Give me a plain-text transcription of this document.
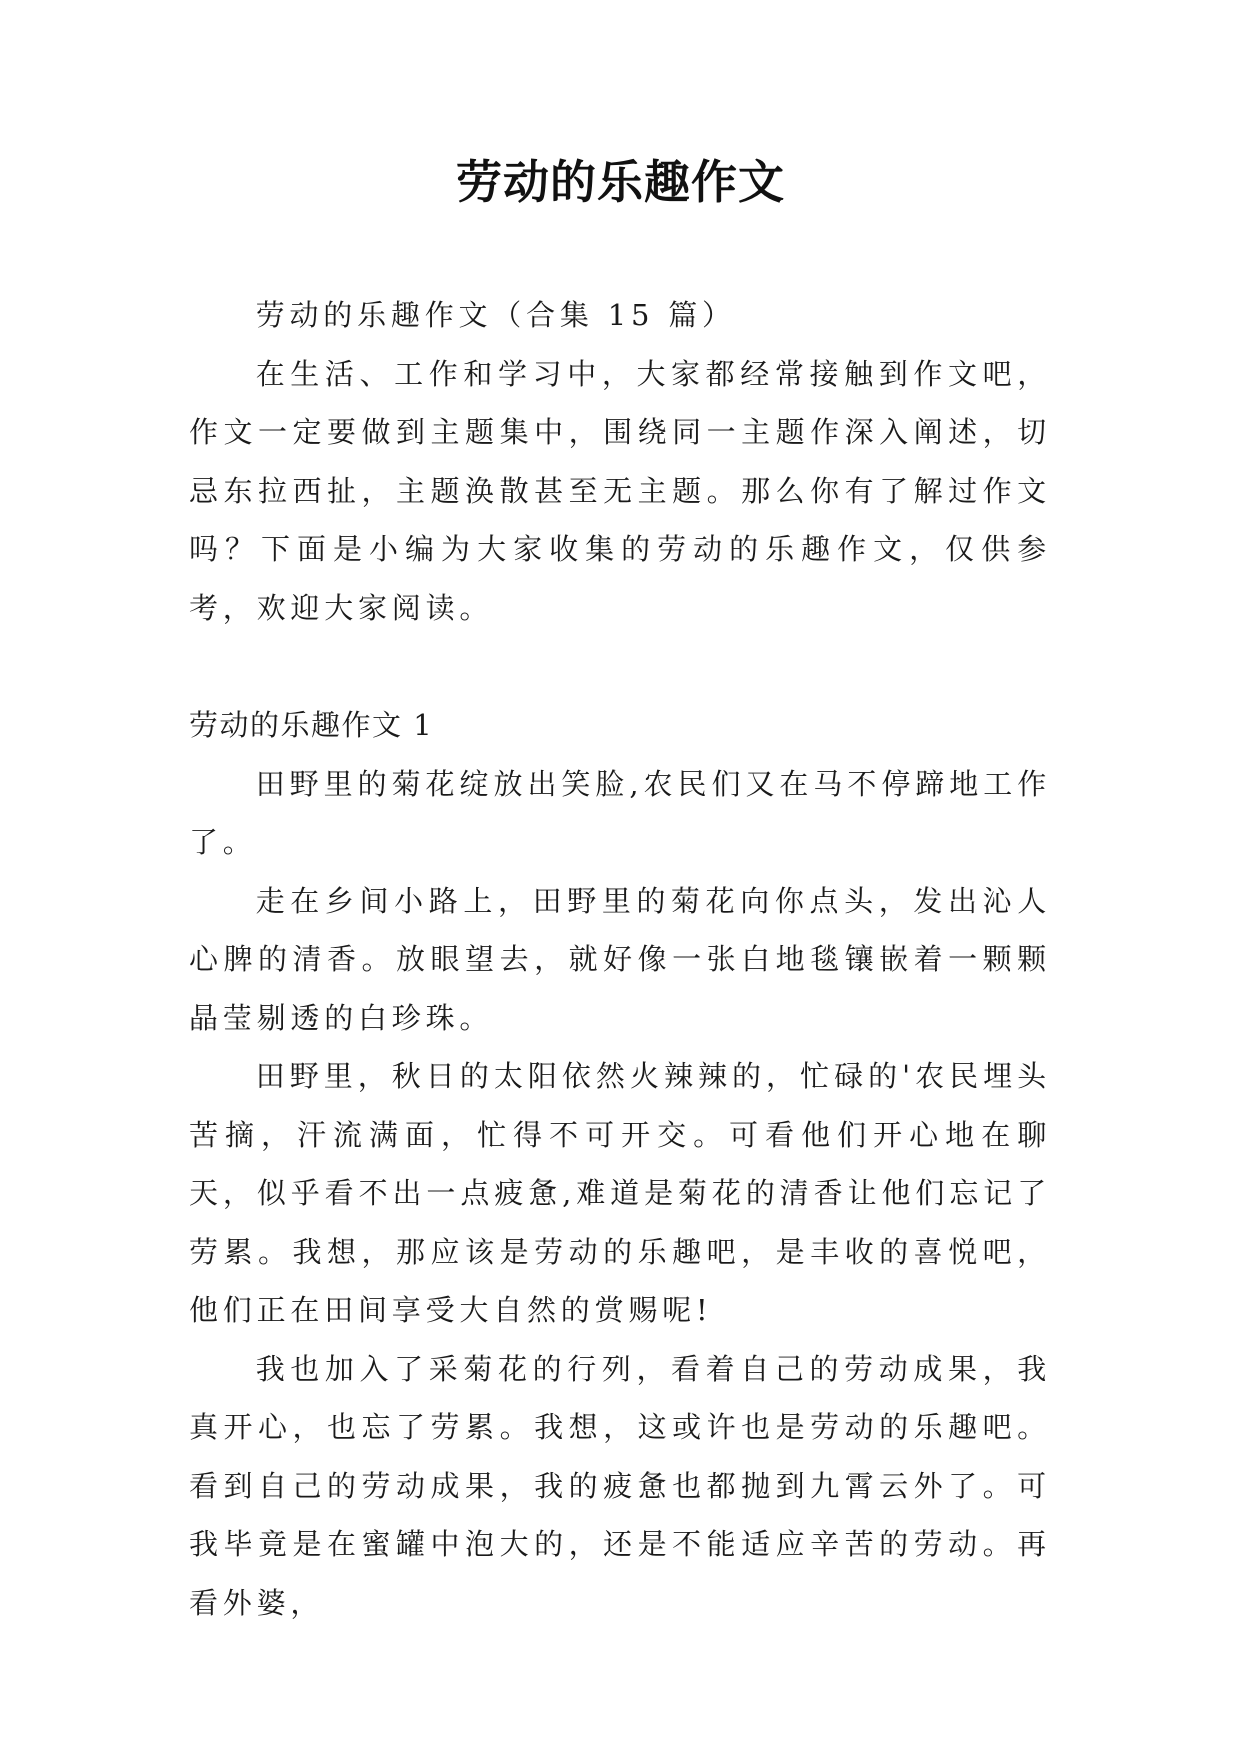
劳动的乐趣作文

劳动的乐趣作文（合集 15 篇）

在生活、工作和学习中，大家都经常接触到作文吧，作文一定要做到主题集中，围绕同一主题作深入阐述，切忌东拉西扯，主题涣散甚至无主题。那么你有了解过作文吗？下面是小编为大家收集的劳动的乐趣作文，仅供参考，欢迎大家阅读。

劳动的乐趣作文 1

田野里的菊花绽放出笑脸,农民们又在马不停蹄地工作了。

走在乡间小路上，田野里的菊花向你点头，发出沁人心脾的清香。放眼望去，就好像一张白地毯镶嵌着一颗颗晶莹剔透的白珍珠。

田野里，秋日的太阳依然火辣辣的，忙碌的'农民埋头苦摘，汗流满面，忙得不可开交。可看他们开心地在聊天，似乎看不出一点疲惫,难道是菊花的清香让他们忘记了劳累。我想，那应该是劳动的乐趣吧，是丰收的喜悦吧，他们正在田间享受大自然的赏赐呢!

我也加入了采菊花的行列，看着自己的劳动成果，我真开心，也忘了劳累。我想，这或许也是劳动的乐趣吧。看到自己的劳动成果，我的疲惫也都抛到九霄云外了。可我毕竟是在蜜罐中泡大的，还是不能适应辛苦的劳动。再看外婆，
